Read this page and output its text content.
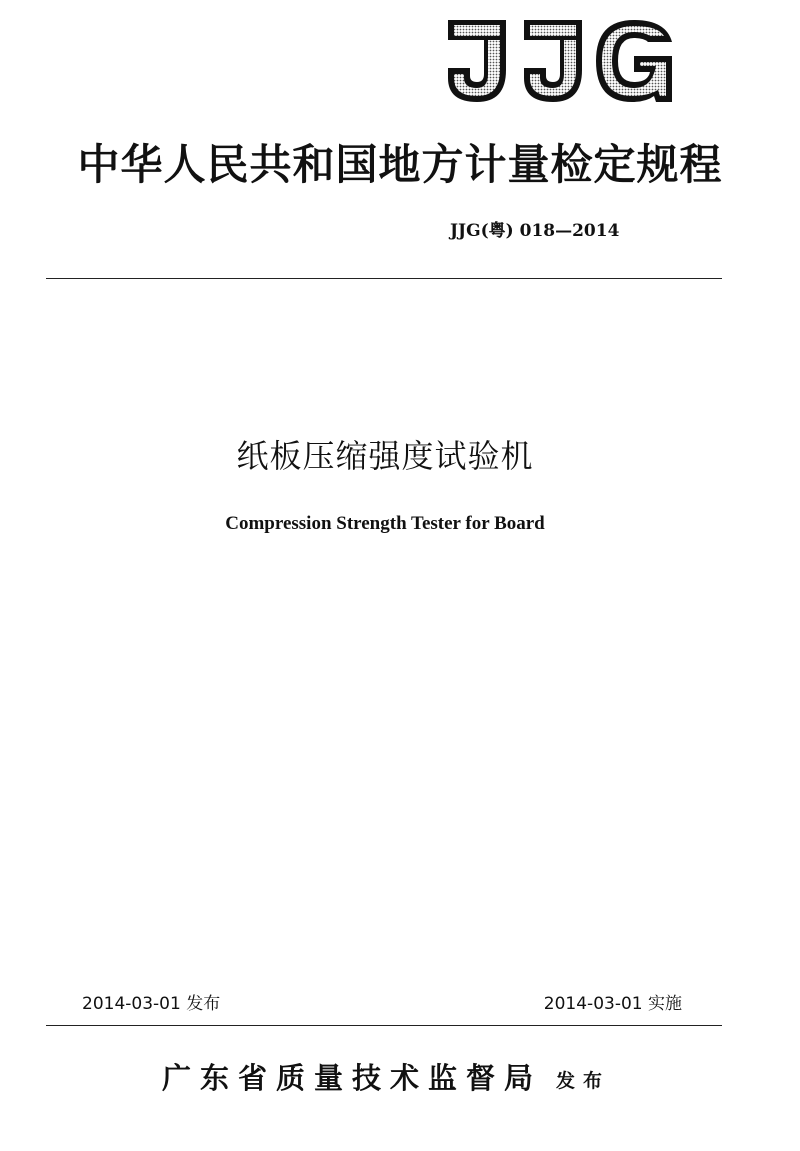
中华人民共和国地方计量检定规程
JJG(粤) 018—2014
纸板压缩强度试验机
Compression Strength Tester for Board
2014-03-01 发布	2014-03-01 实施
广东省质量技术监督局 发布
